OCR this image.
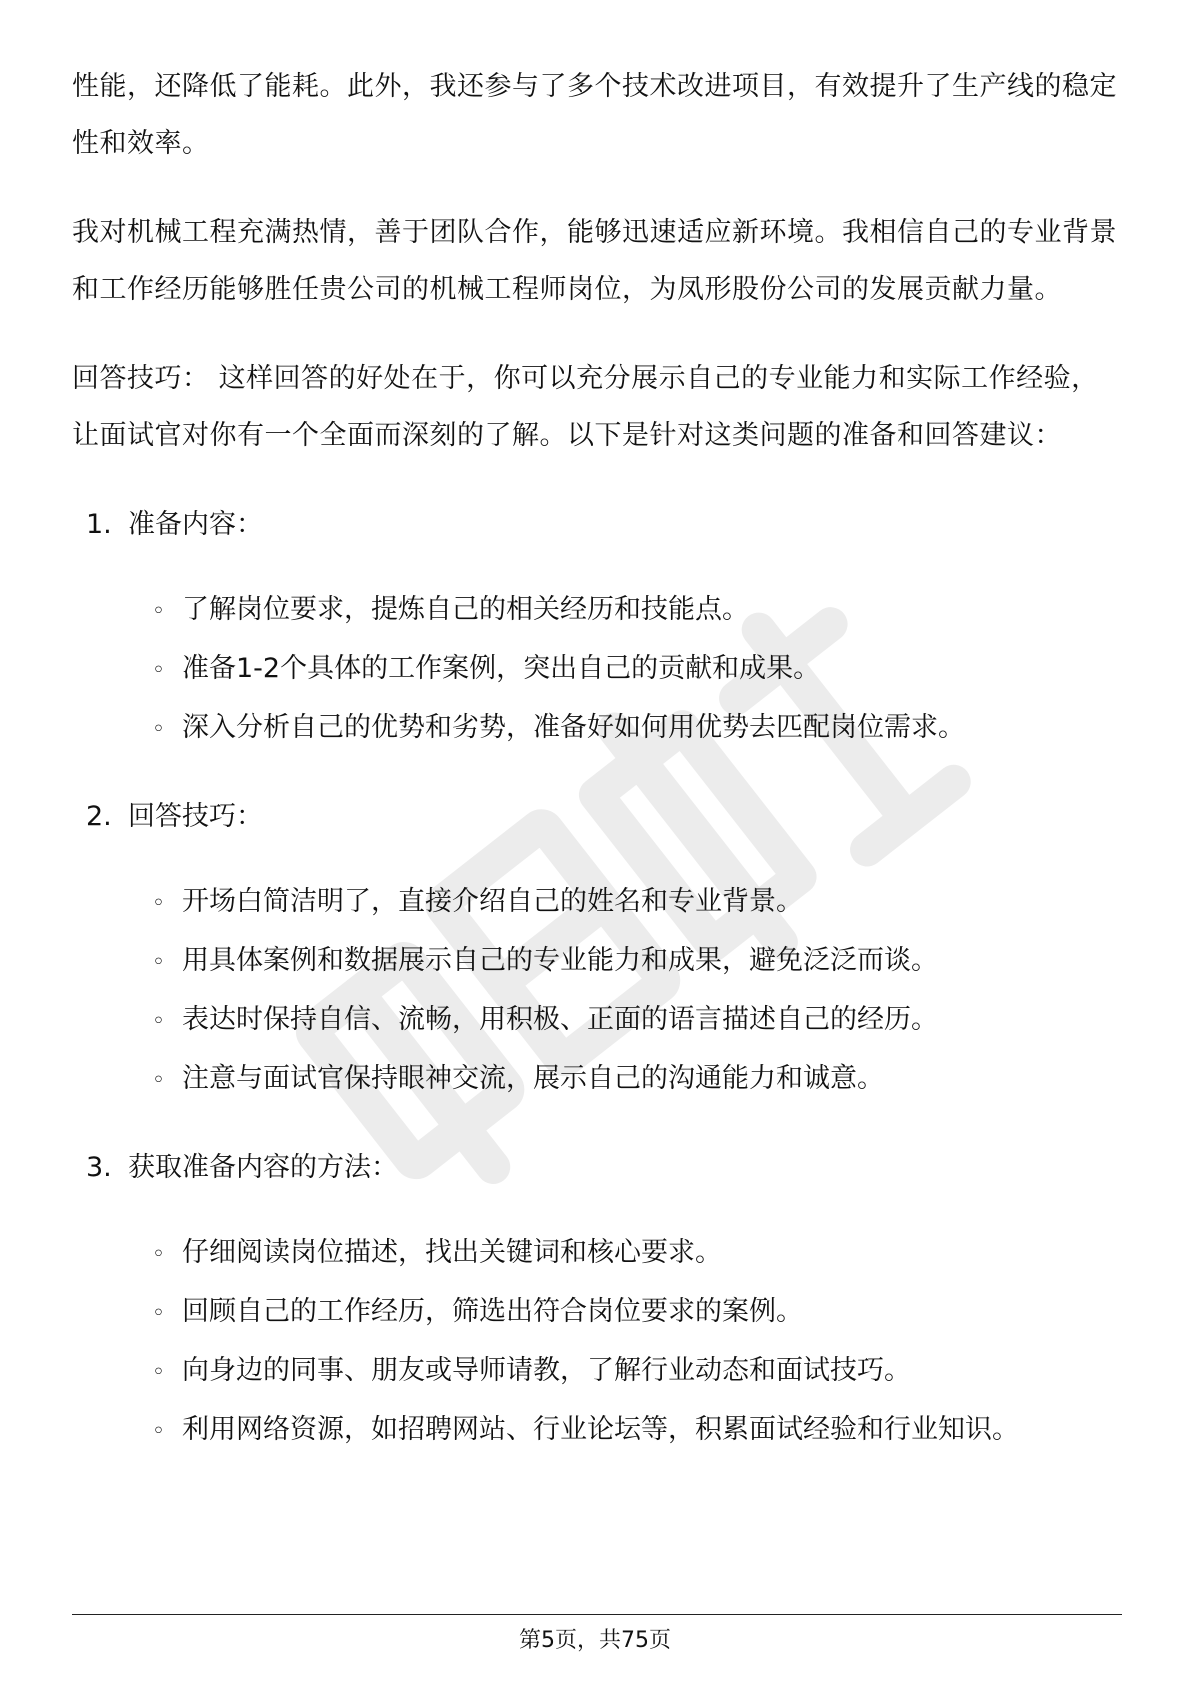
性能，还降低了能耗。此外，我还参与了多个技术改进项目，有效提升了生产线的稳定性和效率。

我对机械工程充满热情，善于团队合作，能够迅速适应新环境。我相信自己的专业背景和工作经历能够胜任贵公司的机械工程师岗位，为凤形股份公司的发展贡献力量。

回答技巧： 这样回答的好处在于，你可以充分展示自己的专业能力和实际工作经验，让面试官对你有一个全面而深刻的了解。以下是针对这类问题的准备和回答建议：

1. 准备内容：
◦ 了解岗位要求，提炼自己的相关经历和技能点。
◦ 准备1-2个具体的工作案例，突出自己的贡献和成果。
◦ 深入分析自己的优势和劣势，准备好如何用优势去匹配岗位需求。
2. 回答技巧：
◦ 开场白简洁明了，直接介绍自己的姓名和专业背景。
◦ 用具体案例和数据展示自己的专业能力和成果，避免泛泛而谈。
◦ 表达时保持自信、流畅，用积极、正面的语言描述自己的经历。
◦ 注意与面试官保持眼神交流，展示自己的沟通能力和诚意。
3. 获取准备内容的方法：
◦ 仔细阅读岗位描述，找出关键词和核心要求。
◦ 回顾自己的工作经历，筛选出符合岗位要求的案例。
◦ 向身边的同事、朋友或导师请教，了解行业动态和面试技巧。
◦ 利用网络资源，如招聘网站、行业论坛等，积累面试经验和行业知识。
第5页，共75页
